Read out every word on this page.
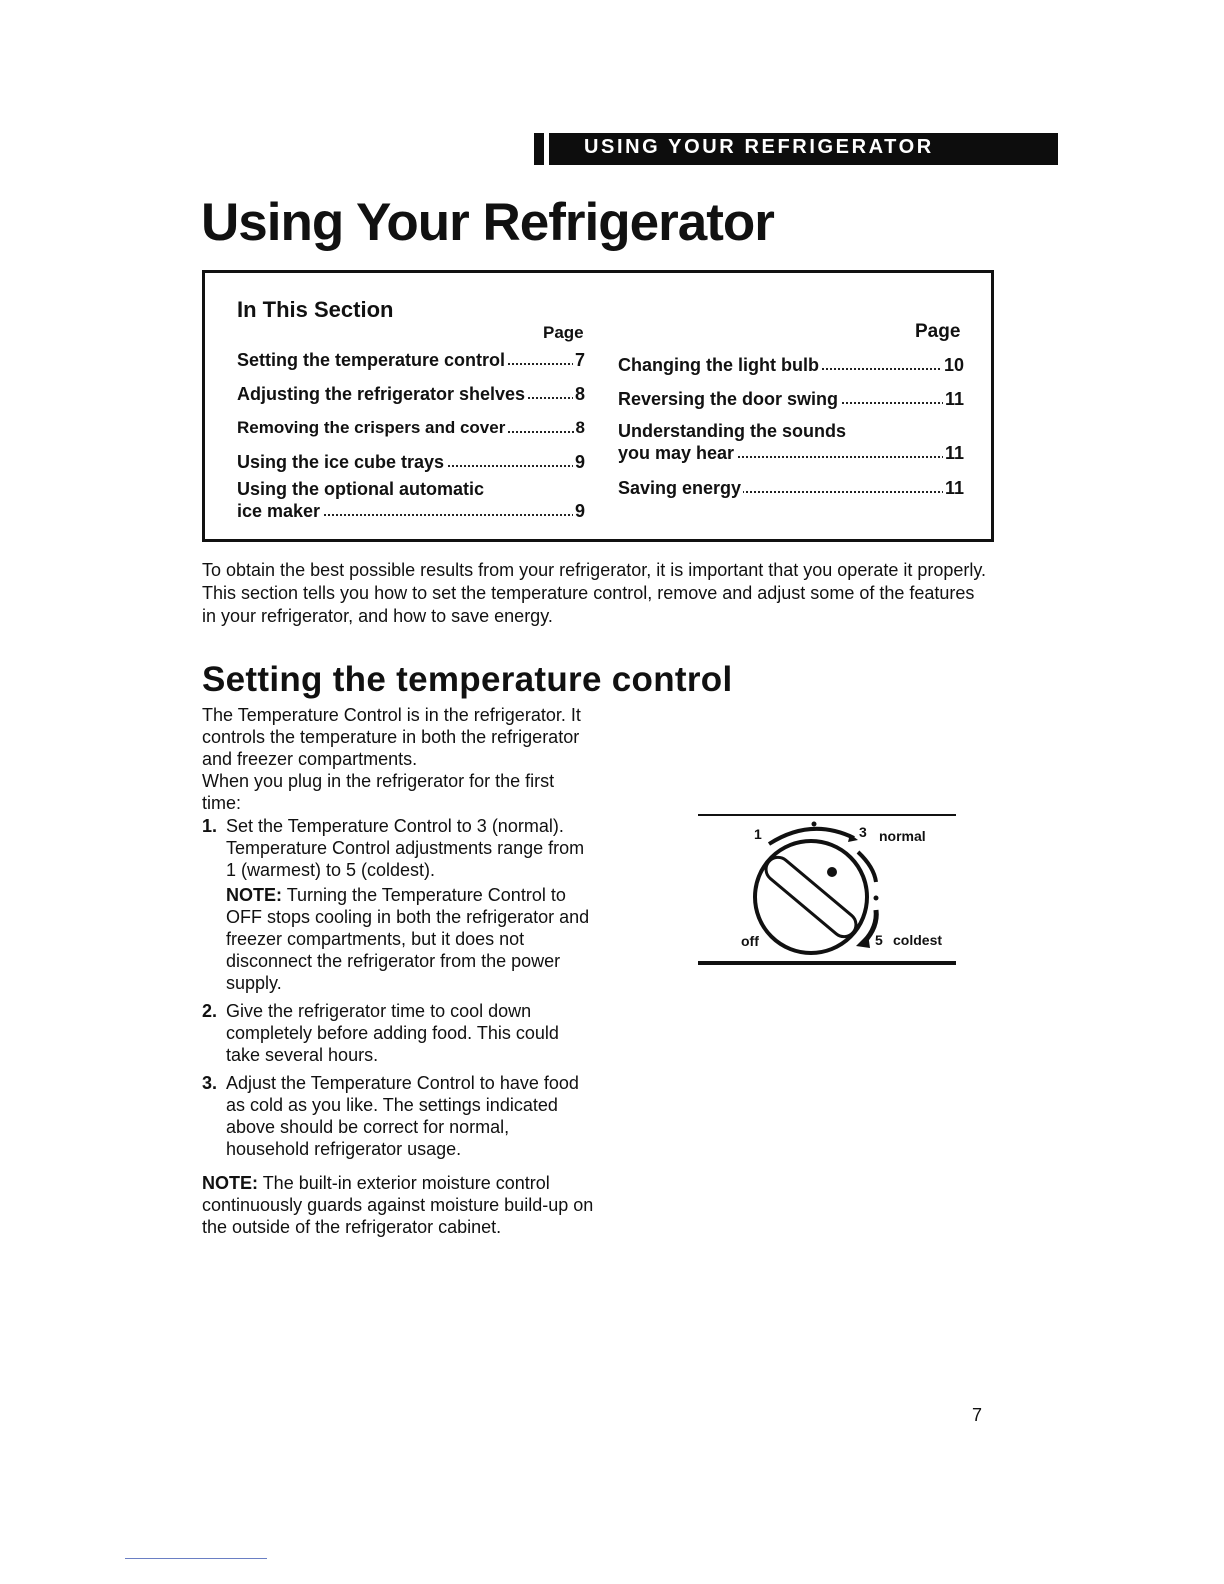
USING YOUR REFRIGERATOR
Using Your Refrigerator
In This Section
Page	Page
Setting the temperature control	7
Adjusting the refrigerator shelves	8
Removing the crispers and cover	8
Using the ice cube trays	9
Using the optional automatic
ice maker	9
Changing the light bulb	10
Reversing the door swing	11
Understanding the sounds
you may hear	11
Saving energy	11

To obtain the best possible results from your refrigerator, it is important that you operate it properly. This section tells you how to set the temperature control, remove and adjust some of the features in your refrigerator, and how to save energy.

Setting the temperature control

The Temperature Control is in the refrigerator. It controls the temperature in both the refrigerator and freezer compartments.

When you plug in the refrigerator for the first time:

1. Set the Temperature Control to 3 (normal). Temperature Control adjustments range from 1 (warmest) to 5 (coldest).
NOTE: Turning the Temperature Control to OFF stops cooling in both the refrigerator and freezer compartments, but it does not disconnect the refrigerator from the power supply.
2. Give the refrigerator time to cool down completely before adding food. This could take several hours.
3. Adjust the Temperature Control to have food as cold as you like. The settings indicated above should be correct for normal, household refrigerator usage.
NOTE: The built-in exterior moisture control continuously guards against moisture build-up on the outside of the refrigerator cabinet.
1	3 normal
off	5 coldest
7
